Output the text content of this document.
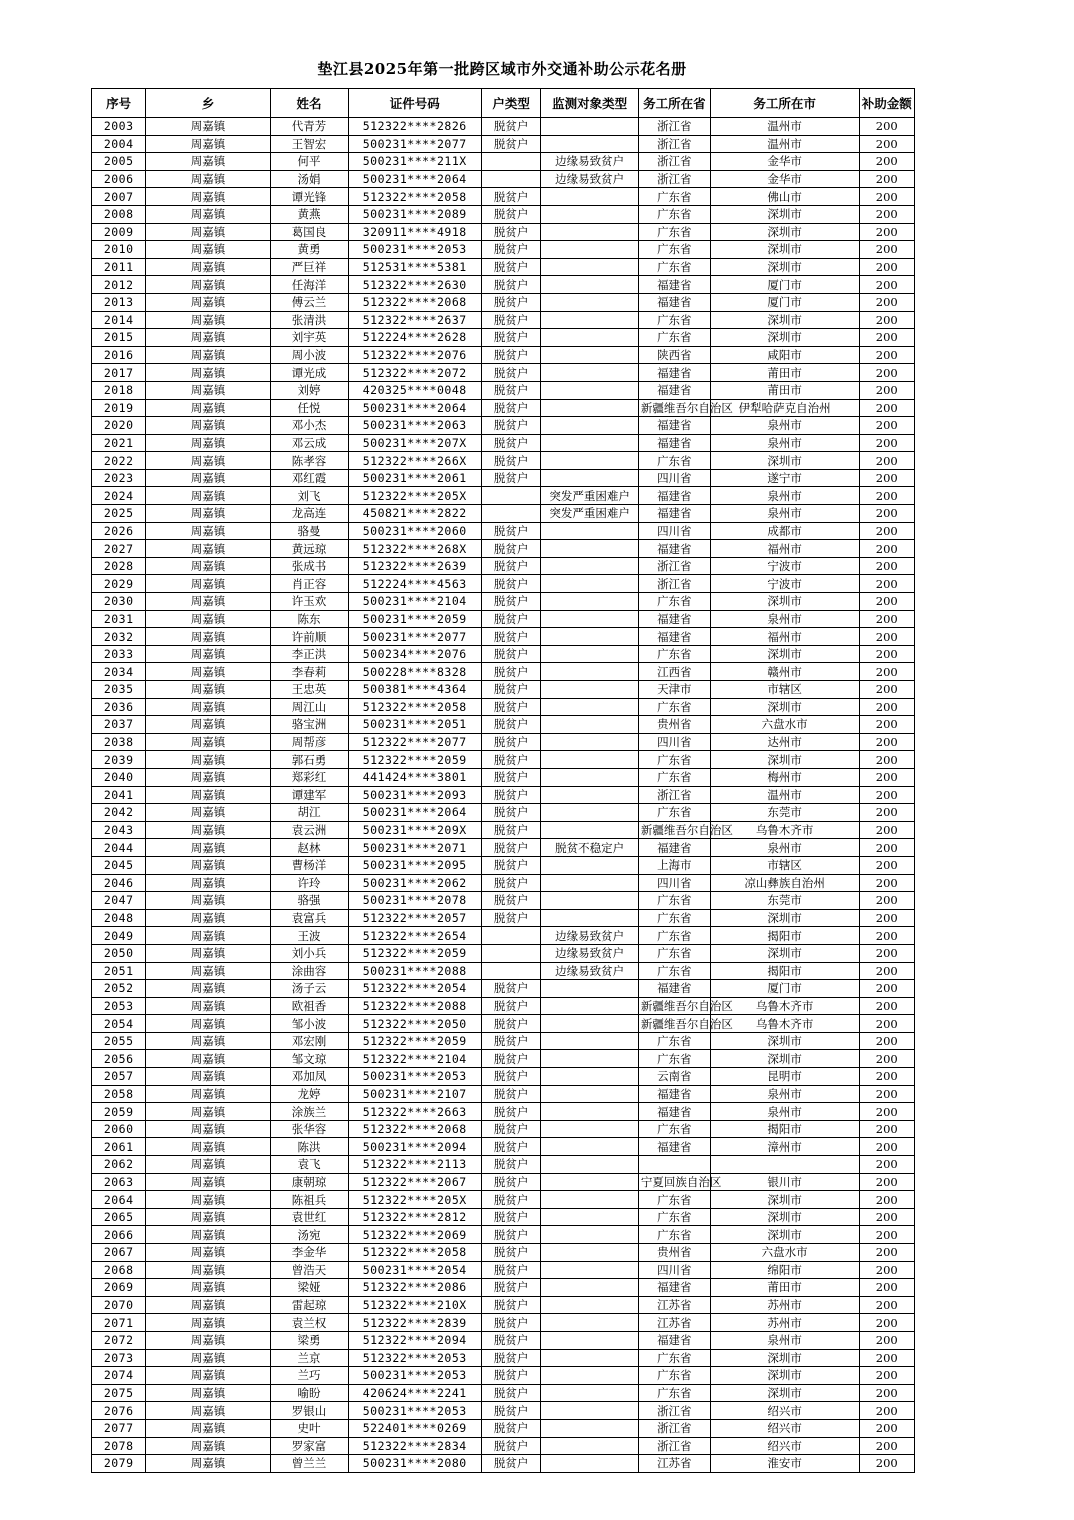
垫江县2025年第一批跨区域市外交通补助公示花名册
序号	乡	姓名	证件号码	户类型	监测对象类型	务工所在省	务工所在市	补助金额
2003	周嘉镇	代青芳	512322****2826	脱贫户		浙江省	温州市	200
2004	周嘉镇	王智宏	500231****2077	脱贫户		浙江省	温州市	200
2005	周嘉镇	何平	500231****211X		边缘易致贫户	浙江省	金华市	200
2006	周嘉镇	汤娟	500231****2064		边缘易致贫户	浙江省	金华市	200
2007	周嘉镇	谭光锋	512322****2058	脱贫户		广东省	佛山市	200
2008	周嘉镇	黄燕	500231****2089	脱贫户		广东省	深圳市	200
2009	周嘉镇	葛国良	320911****4918	脱贫户		广东省	深圳市	200
2010	周嘉镇	黄勇	500231****2053	脱贫户		广东省	深圳市	200
2011	周嘉镇	严巨祥	512531****5381	脱贫户		广东省	深圳市	200
2012	周嘉镇	任海洋	512322****2630	脱贫户		福建省	厦门市	200
2013	周嘉镇	傅云兰	512322****2068	脱贫户		福建省	厦门市	200
2014	周嘉镇	张清洪	512322****2637	脱贫户		广东省	深圳市	200
2015	周嘉镇	刘宇英	512224****2628	脱贫户		广东省	深圳市	200
2016	周嘉镇	周小波	512322****2076	脱贫户		陕西省	咸阳市	200
2017	周嘉镇	谭光成	512322****2072	脱贫户		福建省	莆田市	200
2018	周嘉镇	刘婷	420325****0048	脱贫户		福建省	莆田市	200
2019	周嘉镇	任悦	500231****2064	脱贫户		新疆维吾尔自治区	伊犁哈萨克自治州	200
2020	周嘉镇	邓小杰	500231****2063	脱贫户		福建省	泉州市	200
2021	周嘉镇	邓云成	500231****207X	脱贫户		福建省	泉州市	200
2022	周嘉镇	陈孝容	512322****266X	脱贫户		广东省	深圳市	200
2023	周嘉镇	邓红霞	500231****2061	脱贫户		四川省	遂宁市	200
2024	周嘉镇	刘飞	512322****205X		突发严重困难户	福建省	泉州市	200
2025	周嘉镇	龙高连	450821****2822		突发严重困难户	福建省	泉州市	200
2026	周嘉镇	骆曼	500231****2060	脱贫户		四川省	成都市	200
2027	周嘉镇	黄远琼	512322****268X	脱贫户		福建省	福州市	200
2028	周嘉镇	张成书	512322****2639	脱贫户		浙江省	宁波市	200
2029	周嘉镇	肖正容	512224****4563	脱贫户		浙江省	宁波市	200
2030	周嘉镇	许玉欢	500231****2104	脱贫户		广东省	深圳市	200
2031	周嘉镇	陈东	500231****2059	脱贫户		福建省	泉州市	200
2032	周嘉镇	许前顺	500231****2077	脱贫户		福建省	福州市	200
2033	周嘉镇	李正洪	500234****2076	脱贫户		广东省	深圳市	200
2034	周嘉镇	李春莉	500228****8328	脱贫户		江西省	赣州市	200
2035	周嘉镇	王忠英	500381****4364	脱贫户		天津市	市辖区	200
2036	周嘉镇	周江山	512322****2058	脱贫户		广东省	深圳市	200
2037	周嘉镇	骆宝洲	500231****2051	脱贫户		贵州省	六盘水市	200
2038	周嘉镇	周帮彦	512322****2077	脱贫户		四川省	达州市	200
2039	周嘉镇	郭石勇	512322****2059	脱贫户		广东省	深圳市	200
2040	周嘉镇	郑彩红	441424****3801	脱贫户		广东省	梅州市	200
2041	周嘉镇	谭建军	500231****2093	脱贫户		浙江省	温州市	200
2042	周嘉镇	胡江	500231****2064	脱贫户		广东省	东莞市	200
2043	周嘉镇	袁云洲	500231****209X	脱贫户		新疆维吾尔自治区	乌鲁木齐市	200
2044	周嘉镇	赵林	500231****2071	脱贫户	脱贫不稳定户	福建省	泉州市	200
2045	周嘉镇	曹杨洋	500231****2095	脱贫户		上海市	市辖区	200
2046	周嘉镇	许玲	500231****2062	脱贫户		四川省	凉山彝族自治州	200
2047	周嘉镇	骆强	500231****2078	脱贫户		广东省	东莞市	200
2048	周嘉镇	袁富兵	512322****2057	脱贫户		广东省	深圳市	200
2049	周嘉镇	王波	512322****2654		边缘易致贫户	广东省	揭阳市	200
2050	周嘉镇	刘小兵	512322****2059		边缘易致贫户	广东省	深圳市	200
2051	周嘉镇	涂曲容	500231****2088		边缘易致贫户	广东省	揭阳市	200
2052	周嘉镇	汤子云	512322****2054	脱贫户		福建省	厦门市	200
2053	周嘉镇	欧祖香	512322****2088	脱贫户		新疆维吾尔自治区	乌鲁木齐市	200
2054	周嘉镇	邹小波	512322****2050	脱贫户		新疆维吾尔自治区	乌鲁木齐市	200
2055	周嘉镇	邓宏刚	512322****2059	脱贫户		广东省	深圳市	200
2056	周嘉镇	邹文琼	512322****2104	脱贫户		广东省	深圳市	200
2057	周嘉镇	邓加凤	500231****2053	脱贫户		云南省	昆明市	200
2058	周嘉镇	龙婷	500231****2107	脱贫户		福建省	泉州市	200
2059	周嘉镇	涂族兰	512322****2663	脱贫户		福建省	泉州市	200
2060	周嘉镇	张华容	512322****2068	脱贫户		广东省	揭阳市	200
2061	周嘉镇	陈洪	500231****2094	脱贫户		福建省	漳州市	200
2062	周嘉镇	袁飞	512322****2113	脱贫户				200
2063	周嘉镇	康朝琼	512322****2067	脱贫户		宁夏回族自治区	银川市	200
2064	周嘉镇	陈祖兵	512322****205X	脱贫户		广东省	深圳市	200
2065	周嘉镇	袁世红	512322****2812	脱贫户		广东省	深圳市	200
2066	周嘉镇	汤宛	512322****2069	脱贫户		广东省	深圳市	200
2067	周嘉镇	李金华	512322****2058	脱贫户		贵州省	六盘水市	200
2068	周嘉镇	曾浩天	500231****2054	脱贫户		四川省	绵阳市	200
2069	周嘉镇	梁娅	512322****2086	脱贫户		福建省	莆田市	200
2070	周嘉镇	雷起琼	512322****210X	脱贫户		江苏省	苏州市	200
2071	周嘉镇	袁兰权	512322****2839	脱贫户		江苏省	苏州市	200
2072	周嘉镇	梁勇	512322****2094	脱贫户		福建省	泉州市	200
2073	周嘉镇	兰京	512322****2053	脱贫户		广东省	深圳市	200
2074	周嘉镇	兰巧	500231****2053	脱贫户		广东省	深圳市	200
2075	周嘉镇	喻盼	420624****2241	脱贫户		广东省	深圳市	200
2076	周嘉镇	罗银山	500231****2053	脱贫户		浙江省	绍兴市	200
2077	周嘉镇	史叶	522401****0269	脱贫户		浙江省	绍兴市	200
2078	周嘉镇	罗家富	512322****2834	脱贫户		浙江省	绍兴市	200
2079	周嘉镇	曾兰兰	500231****2080	脱贫户		江苏省	淮安市	200
